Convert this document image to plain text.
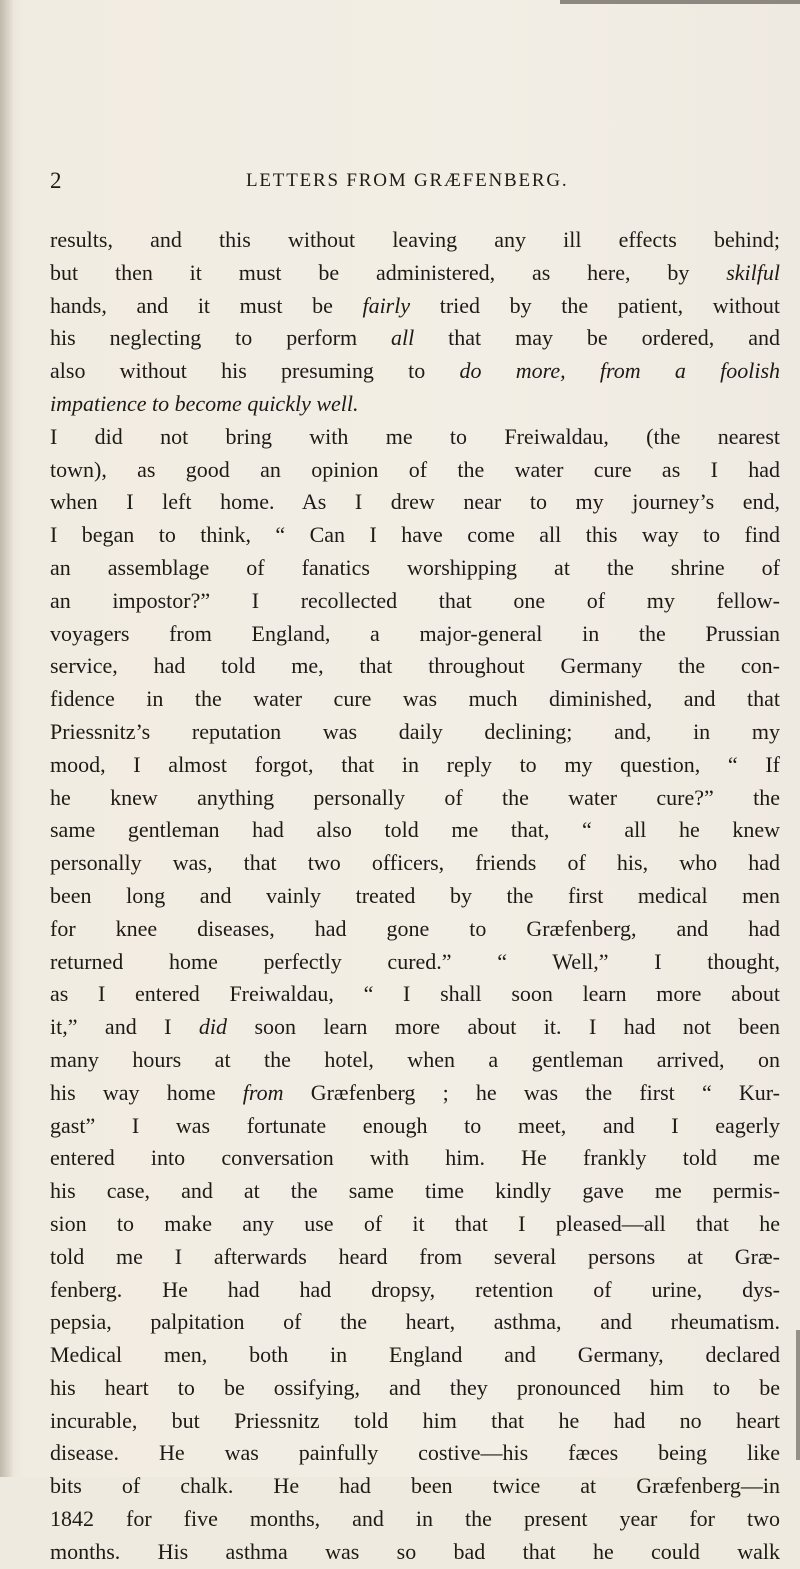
2	LETTERS FROM GRÆFENBERG.
results, and this without leaving any ill effects behind;
but then it must be administered, as here, by skilful
hands, and it must be fairly tried by the patient, without
his neglecting to perform all that may be ordered, and
also without his presuming to do more, from a foolish
impatience to become quickly well.
I did not bring with me to Freiwaldau, (the nearest
town), as good an opinion of the water cure as I had
when I left home. As I drew near to my journey’s end,
I began to think, “ Can I have come all this way to find
an assemblage of fanatics worshipping at the shrine of
an impostor?” I recollected that one of my fellow-
voyagers from England, a major-general in the Prussian
service, had told me, that throughout Germany the con-
fidence in the water cure was much diminished, and that
Priessnitz’s reputation was daily declining; and, in my
mood, I almost forgot, that in reply to my question, “ If
he knew anything personally of the water cure?” the
same gentleman had also told me that, “ all he knew
personally was, that two officers, friends of his, who had
been long and vainly treated by the first medical men
for knee diseases, had gone to Græfenberg, and had
returned home perfectly cured.” “ Well,” I thought,
as I entered Freiwaldau, “ I shall soon learn more about
it,” and I did soon learn more about it. I had not been
many hours at the hotel, when a gentleman arrived, on
his way home from Græfenberg ; he was the first “ Kur-
gast” I was fortunate enough to meet, and I eagerly
entered into conversation with him. He frankly told me
his case, and at the same time kindly gave me permis-
sion to make any use of it that I pleased—all that he
told me I afterwards heard from several persons at Græ-
fenberg. He had had dropsy, retention of urine, dys-
pepsia, palpitation of the heart, asthma, and rheumatism.
Medical men, both in England and Germany, declared
his heart to be ossifying, and they pronounced him to be
incurable, but Priessnitz told him that he had no heart
disease. He was painfully costive—his fæces being like
bits of chalk. He had been twice at Græfenberg—in
1842 for five months, and in the present year for two
months. His asthma was so bad that he could walk
